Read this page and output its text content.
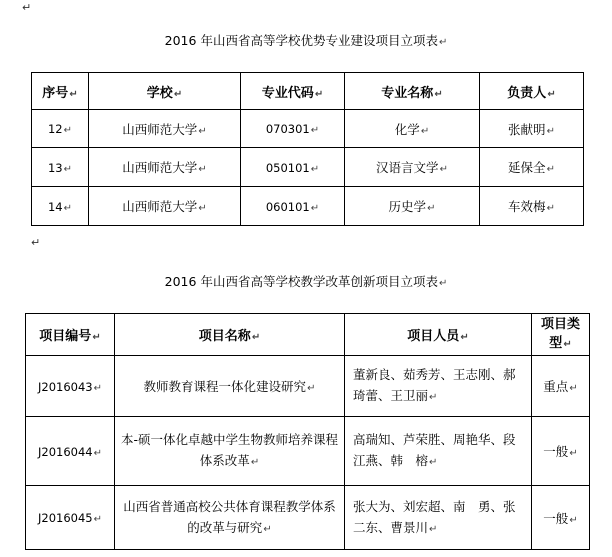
↵
2016 年山西省高等学校优势专业建设项目立项表↵
序号↵	学校↵	专业代码↵	专业名称↵	负责人↵
12↵	山西师范大学↵	070301↵	化学↵	张献明↵
13↵	山西师范大学↵	050101↵	汉语言文学↵	延保全↵
14↵	山西师范大学↵	060101↵	历史学↵	车效梅↵
↵
2016 年山西省高等学校教学改革创新项目立项表↵
项目编号↵	项目名称↵	项目人员↵	项目类型↵
J2016043↵	教师教育课程一体化建设研究↵	董新良、茹秀芳、王志刚、郝琦蕾、王卫丽↵	重点↵
J2016044↵	本-硕一体化卓越中学生物教师培养课程体系改革↵	高瑞知、芦荣胜、周艳华、段江燕、韩　榕↵	一般↵
J2016045↵	山西省普通高校公共体育课程教学体系的改革与研究↵	张大为、刘宏超、南　勇、张二东、曹景川↵	一般↵
